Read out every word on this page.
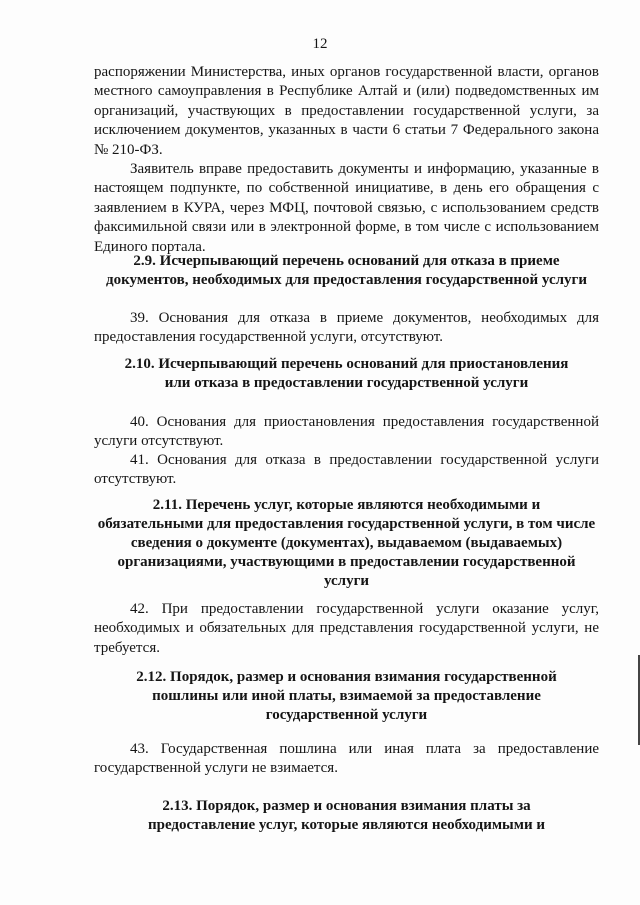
12
распоряжении Министерства, иных органов государственной власти, органов
местного самоуправления в Республике Алтай и (или) подведомственных им
организаций, участвующих в предоставлении государственной услуги, за
исключением документов, указанных в части 6 статьи 7 Федерального закона
№ 210-ФЗ.
Заявитель вправе предоставить документы и информацию, указанные в
настоящем подпункте, по собственной инициативе, в день его обращения с
заявлением в КУРА, через МФЦ, почтовой связью, с использованием средств
факсимильной связи или в электронной форме, в том числе с использованием
Единого портала.
2.9. Исчерпывающий перечень оснований для отказа в приеме
документов, необходимых для предоставления государственной услуги
39. Основания для отказа в приеме документов, необходимых для
предоставления государственной услуги, отсутствуют.
2.10. Исчерпывающий перечень оснований для приостановления
или отказа в предоставлении государственной услуги
40. Основания для приостановления предоставления государственной
услуги отсутствуют.
41. Основания для отказа в предоставлении государственной услуги
отсутствуют.
2.11. Перечень услуг, которые являются необходимыми и
обязательными для предоставления государственной услуги, в том числе
сведения о документе (документах), выдаваемом (выдаваемых)
организациями, участвующими в предоставлении государственной
услуги
42. При предоставлении государственной услуги оказание услуг,
необходимых и обязательных для представления государственной услуги, не
требуется.
2.12. Порядок, размер и основания взимания государственной
пошлины или иной платы, взимаемой за предоставление
государственной услуги
43. Государственная пошлина или иная плата за предоставление
государственной услуги не взимается.
2.13. Порядок, размер и основания взимания платы за
предоставление услуг, которые являются необходимыми и
